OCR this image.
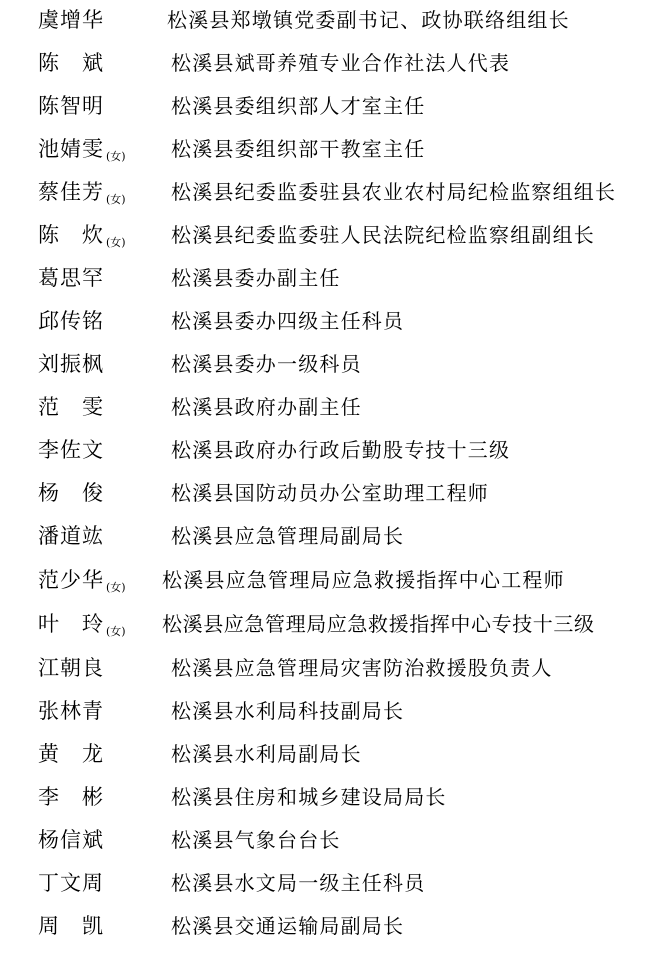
虞增华	松溪县郑墩镇党委副书记、政协联络组组长
陈　斌	松溪县斌哥养殖专业合作社法人代表
陈智明	松溪县委组织部人才室主任
池婧雯 (女) 松溪县委组织部干教室主任
蔡佳芳 (女) 松溪县纪委监委驻县农业农村局纪检监察组组长
陈　炊 (女) 松溪县纪委监委驻人民法院纪检监察组副组长
葛思罕	松溪县委办副主任
邱传铭	松溪县委办四级主任科员
刘振枫	松溪县委办一级科员
范　雯	松溪县政府办副主任
李佐文	松溪县政府办行政后勤股专技十三级
杨　俊	松溪县国防动员办公室助理工程师
潘道竑	松溪县应急管理局副局长
范少华 (女) 松溪县应急管理局应急救援指挥中心工程师
叶　玲 (女) 松溪县应急管理局应急救援指挥中心专技十三级
江朝良	松溪县应急管理局灾害防治救援股负责人
张林青	松溪县水利局科技副局长
黄　龙	松溪县水利局副局长
李　彬	松溪县住房和城乡建设局局长
杨信斌	松溪县气象台台长
丁文周	松溪县水文局一级主任科员
周　凯	松溪县交通运输局副局长
